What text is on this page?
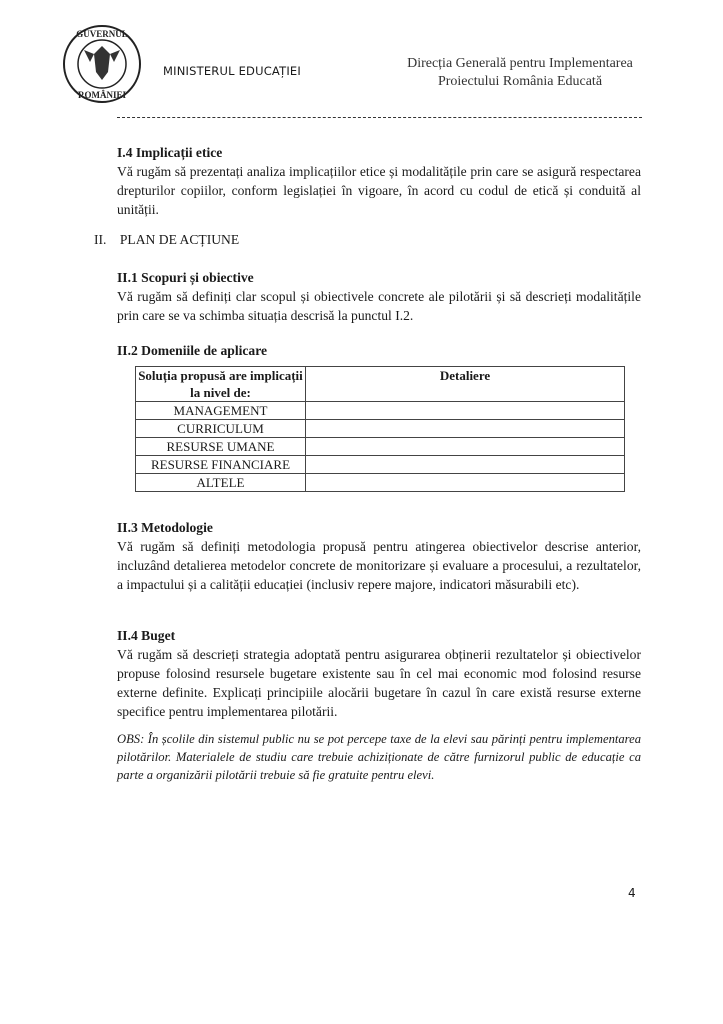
GUVERNUL
ROMÂNIEI
MINISTERUL EDUCAȚIEI	Direcția Generală pentru Implementarea
Proiectului România Educată
I.4 Implicații etice

Vă rugăm să prezentați analiza implicațiilor etice și modalitățile prin care se asigură respectarea drepturilor copiilor, conform legislației în vigoare, în acord cu codul de etică și conduită al unității.

II. PLAN DE ACȚIUNE
II.1 Scopuri și obiective

Vă rugăm să definiți clar scopul și obiectivele concrete ale pilotării și să descrieți modalitățile prin care se va schimba situația descrisă la punctul I.2.

II.2 Domeniile de aplicare
Soluția propusă are implicații la nivel de:	Detaliere
MANAGEMENT	
CURRICULUM	
RESURSE UMANE	
RESURSE FINANCIARE	
ALTELE	
II.3 Metodologie

Vă rugăm să definiți metodologia propusă pentru atingerea obiectivelor descrise anterior, incluzând detalierea metodelor concrete de monitorizare și evaluare a procesului, a rezultatelor, a impactului și a calității educației (inclusiv repere majore, indicatori măsurabili etc).

II.4 Buget

Vă rugăm să descrieți strategia adoptată pentru asigurarea obținerii rezultatelor și obiectivelor propuse folosind resursele bugetare existente sau în cel mai economic mod folosind resurse externe definite. Explicați principiile alocării bugetare în cazul în care există resurse externe specifice pentru implementarea pilotării.

OBS: În școlile din sistemul public nu se pot percepe taxe de la elevi sau părinți pentru implementarea pilotărilor. Materialele de studiu care trebuie achiziționate de către furnizorul public de educație ca parte a organizării pilotării trebuie să fie gratuite pentru elevi.
4
